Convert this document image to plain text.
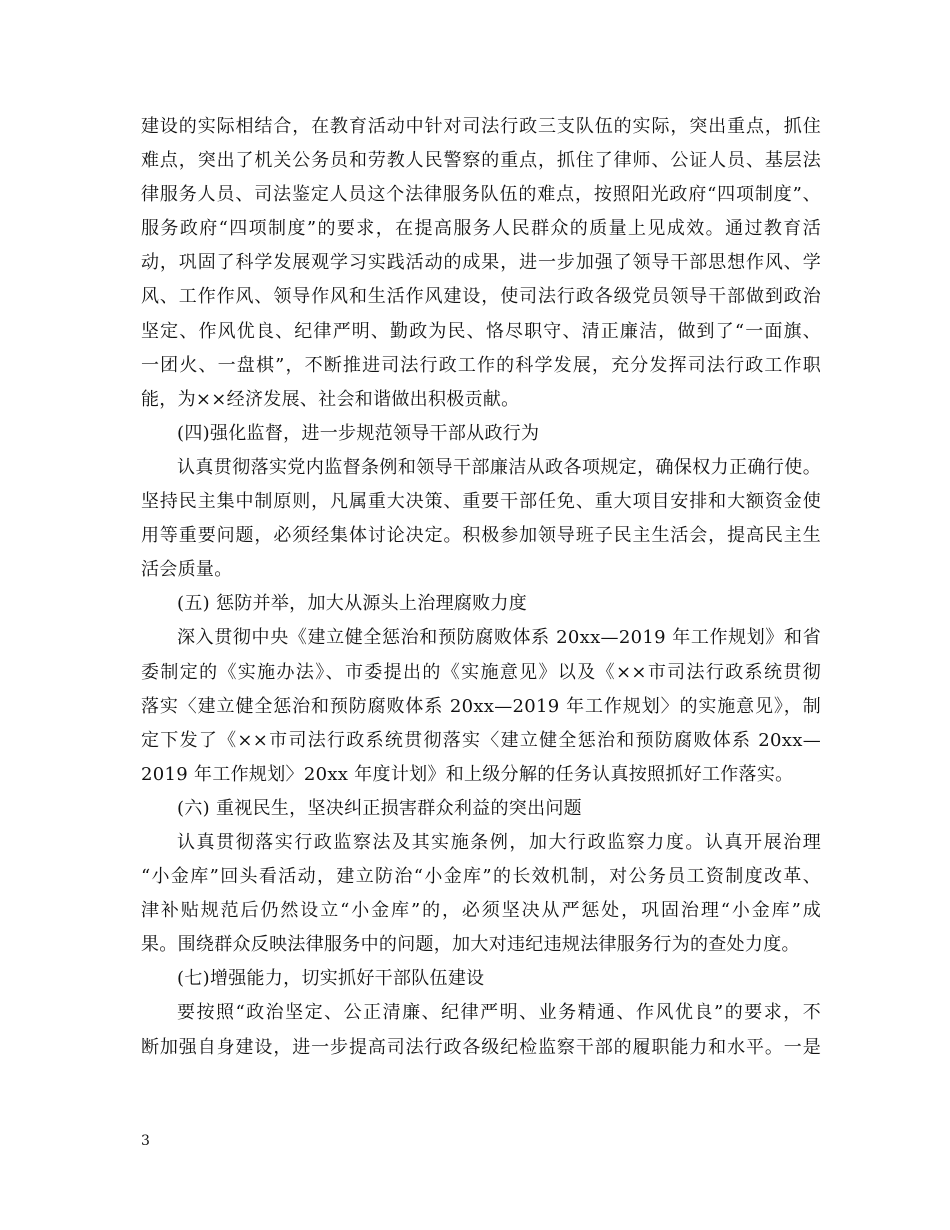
建设的实际相结合，在教育活动中针对司法行政三支队伍的实际，突出重点，抓住
难点，突出了机关公务员和劳教人民警察的重点，抓住了律师、公证人员、基层法
律服务人员、司法鉴定人员这个法律服务队伍的难点，按照阳光政府“四项制度”、
服务政府“四项制度”的要求，在提高服务人民群众的质量上见成效。通过教育活
动，巩固了科学发展观学习实践活动的成果，进一步加强了领导干部思想作风、学
风、工作作风、领导作风和生活作风建设，使司法行政各级党员领导干部做到政治
坚定、作风优良、纪律严明、勤政为民、恪尽职守、清正廉洁，做到了“一面旗、
一团火、一盘棋”，不断推进司法行政工作的科学发展，充分发挥司法行政工作职
能，为××经济发展、社会和谐做出积极贡献。
(四)强化监督，进一步规范领导干部从政行为
认真贯彻落实党内监督条例和领导干部廉洁从政各项规定，确保权力正确行使。
坚持民主集中制原则，凡属重大决策、重要干部任免、重大项目安排和大额资金使
用等重要问题，必须经集体讨论决定。积极参加领导班子民主生活会，提高民主生
活会质量。
(五) 惩防并举，加大从源头上治理腐败力度
深入贯彻中央《建立健全惩治和预防腐败体系 20xx—2019 年工作规划》和省
委制定的《实施办法》、市委提出的《实施意见》以及《××市司法行政系统贯彻
落实〈建立健全惩治和预防腐败体系 20xx—2019 年工作规划〉的实施意见》，制
定下发了《××市司法行政系统贯彻落实〈建立健全惩治和预防腐败体系 20xx—
2019 年工作规划〉20xx 年度计划》和上级分解的任务认真按照抓好工作落实。
(六) 重视民生，坚决纠正损害群众利益的突出问题
认真贯彻落实行政监察法及其实施条例，加大行政监察力度。认真开展治理
“小金库”回头看活动，建立防治“小金库”的长效机制，对公务员工资制度改革、
津补贴规范后仍然设立“小金库”的，必须坚决从严惩处，巩固治理“小金库”成
果。围绕群众反映法律服务中的问题，加大对违纪违规法律服务行为的查处力度。
(七)增强能力，切实抓好干部队伍建设
要按照“政治坚定、公正清廉、纪律严明、业务精通、作风优良”的要求，不
断加强自身建设，进一步提高司法行政各级纪检监察干部的履职能力和水平。一是
3
